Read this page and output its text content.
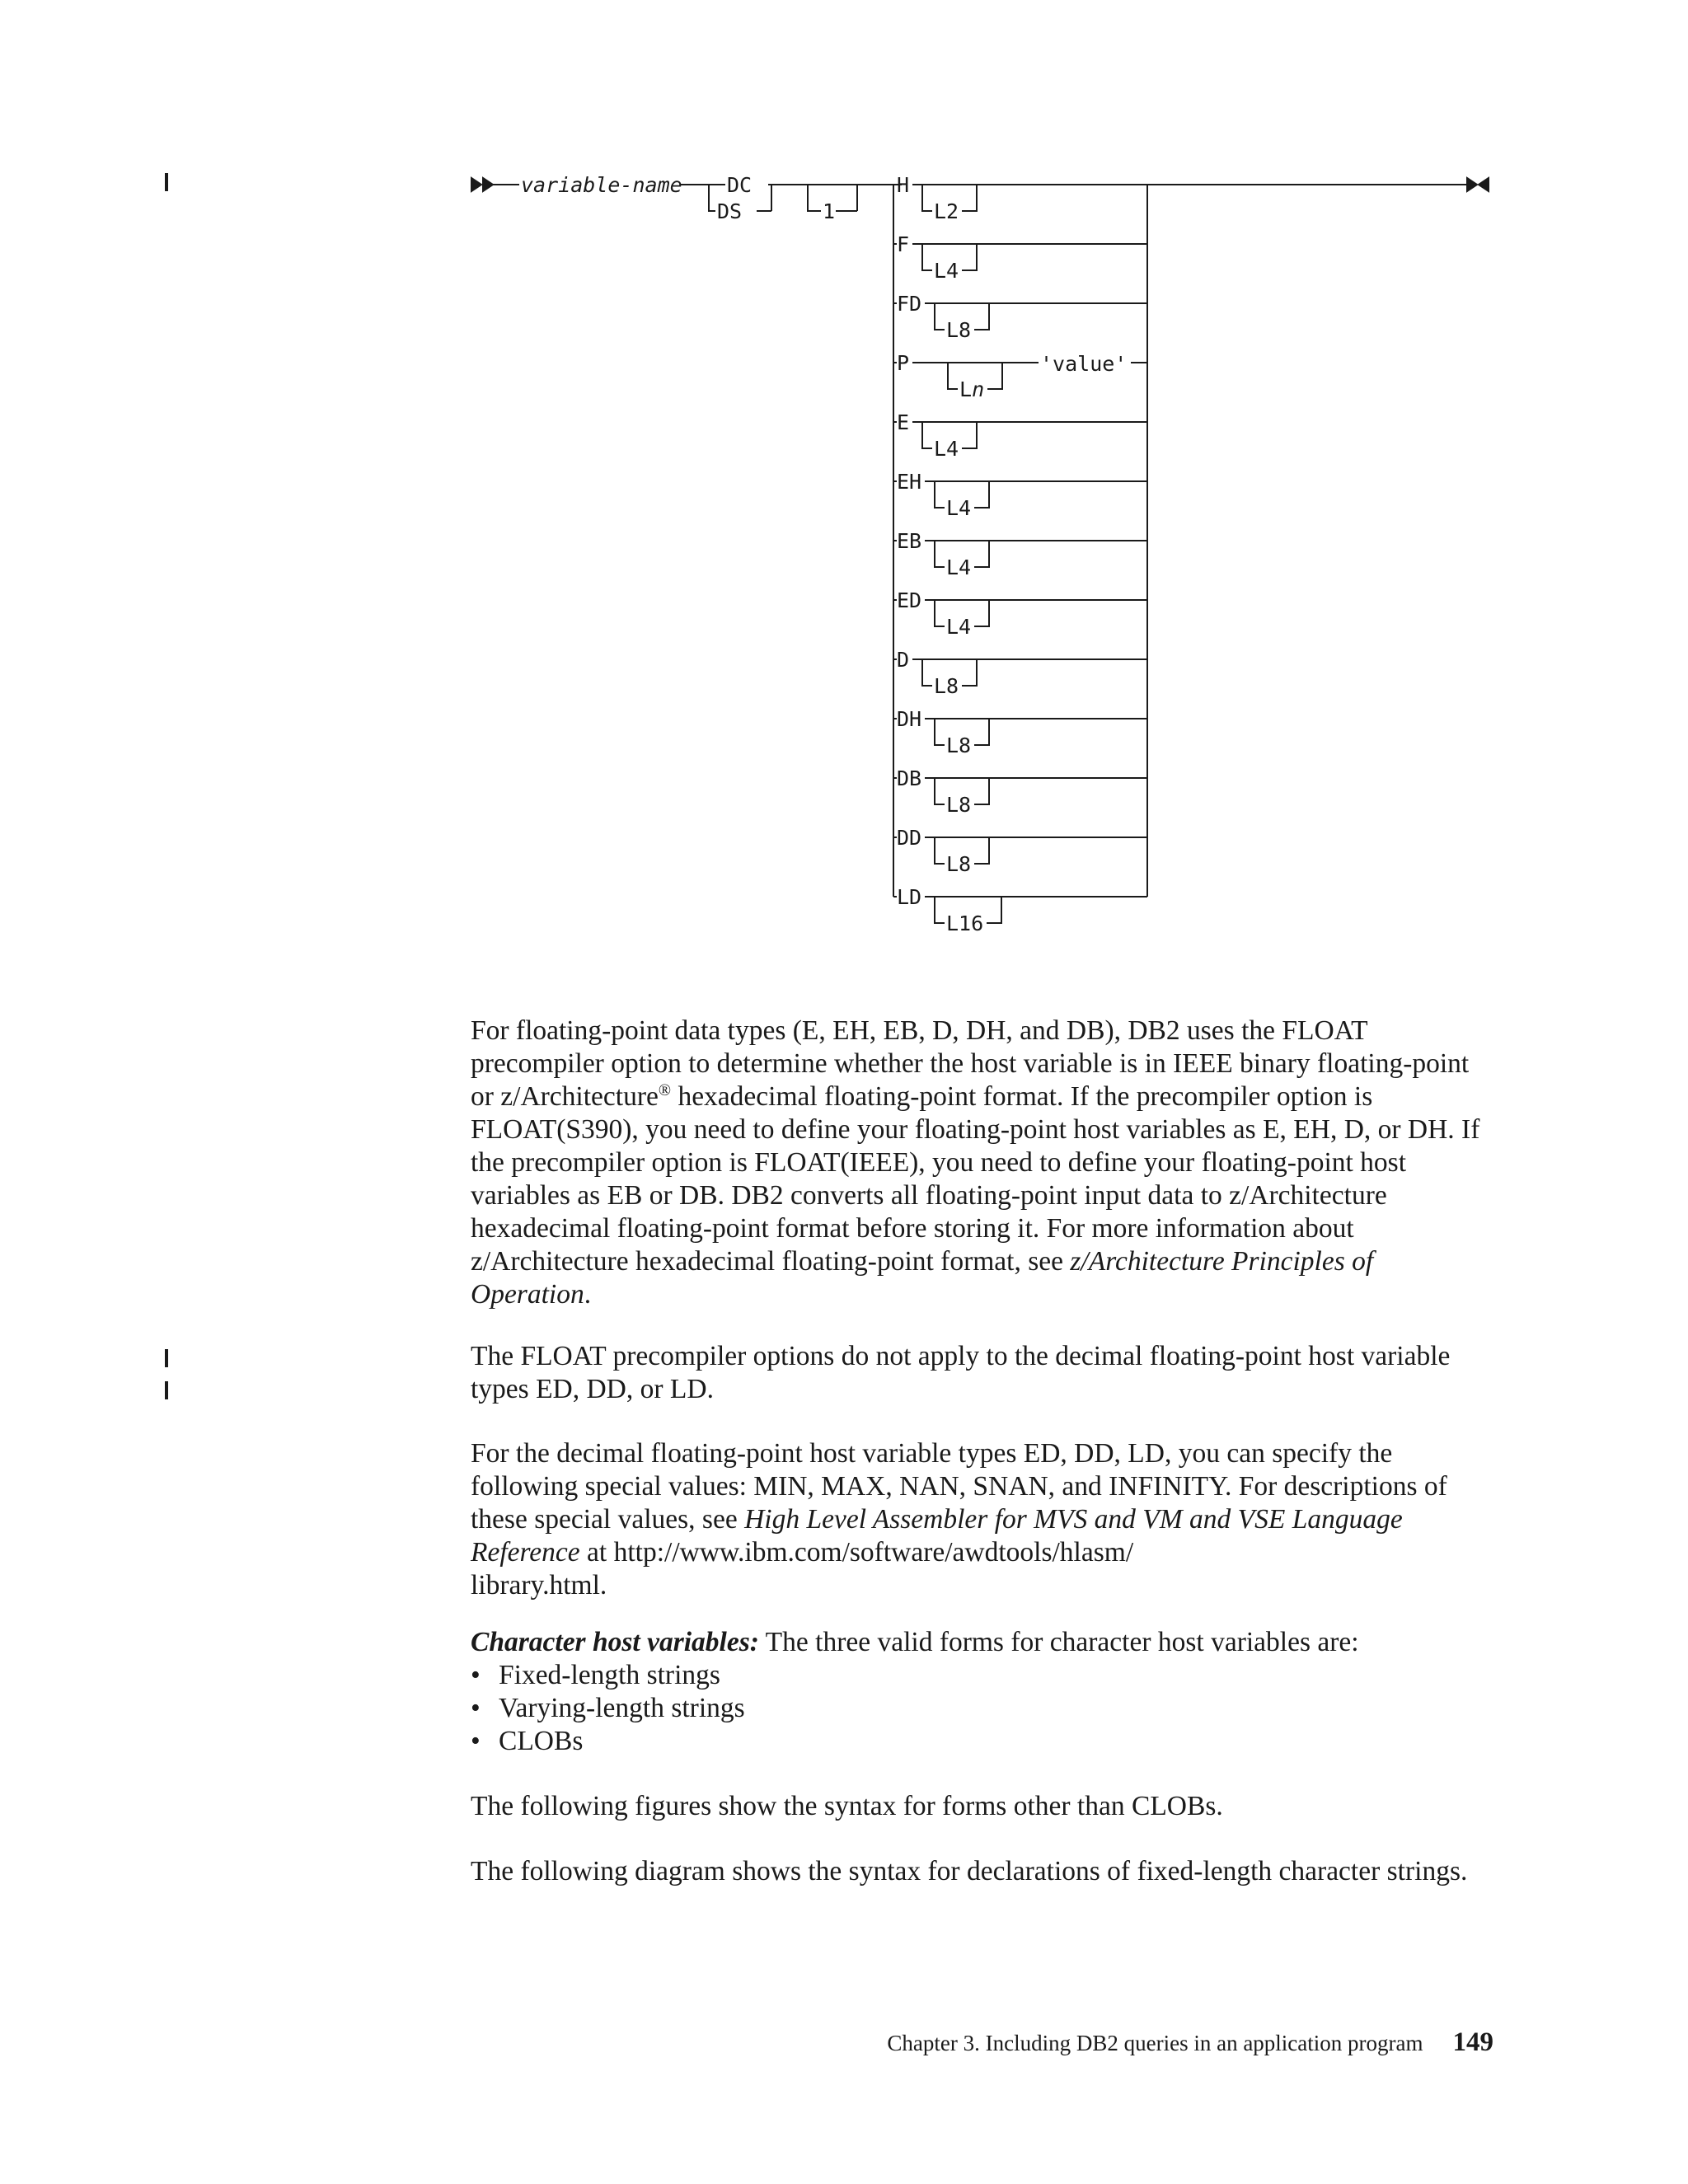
variable-name DC
DS	1
'value'
H
L2
F
L4
FD
L8
P
Ln
E
L4
EH
L4
EB
L4
ED
L4
D
L8
DH
L8
DB
L8
DD
L8
LD
L16

For floating-point data types (E, EH, EB, D, DH, and DB), DB2 uses the FLOAT precompiler option to determine whether the host variable is in IEEE binary floating-point or z/Architecture® hexadecimal floating-point format. If the precompiler option is FLOAT(S390), you need to define your floating-point host variables as E, EH, D, or DH. If the precompiler option is FLOAT(IEEE), you need to define your floating-point host variables as EB or DB. DB2 converts all floating-point input data to z/Architecture hexadecimal floating-point format before storing it. For more information about z/Architecture hexadecimal floating-point format, see z/Architecture Principles of Operation.

The FLOAT precompiler options do not apply to the decimal floating-point host variable types ED, DD, or LD.

For the decimal floating-point host variable types ED, DD, LD, you can specify the following special values: MIN, MAX, NAN, SNAN, and INFINITY. For descriptions of these special values, see High Level Assembler for MVS and VM and VSE Language Reference at http://www.ibm.com/software/awdtools/hlasm/
library.html.

Character host variables: The three valid forms for character host variables are:

• Fixed-length strings
• Varying-length strings
• CLOBs

The following figures show the syntax for forms other than CLOBs.

The following diagram shows the syntax for declarations of fixed-length character strings.

Chapter 3. Including DB2 queries in an application program 149
